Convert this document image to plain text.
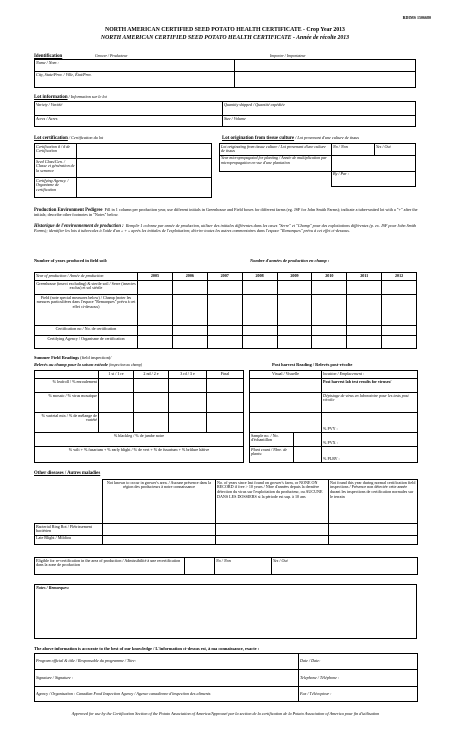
RDIMS 1506680
NORTH AMERICAN CERTIFIED SEED POTATO HEALTH CERTIFICATE - Crop Year 2013
NORTH AMERICAN CERTIFIED SEED POTATO HEALTH CERTIFICATE - Année de récolte 2013
Identification	Grower / Producteur	Importer / Importateur
Name / Nom :	
City, State/Prov. / Ville, État/Prov.	
Lot information / Information sur le lot
Variety / Variété	Quantity shipped / Quantité expédiée
Acres / Acres	Size / Volume
Lot certification / Certification du lot	Lot origination from tissue culture / Lot provenant d'une culture de tissus
Certification # / # de Certification	
Seed Class/Gen. / Classe et génération de la semence	
Certifying Agency. / Organisme de certification	
Lot originating from tissue culture / Lot provenant d'une culture de tissus	No / Non	Yes / Oui
Year micropropagated for planting / Année de multiplication par micropropagation en vue d'une plantation		
	By / Par :	
Production Environment Pedigree Fill in 1 column per production year, use different initials in Greenhouse and Field boxes for different farms (eg. JSF for John Smith Farms); indicate a tuber-united lot with a "+" after the initials; describe other footnotes in "Notes" below.
Historique de l'environnement de production : Remplir 1 colonne par année de production, utiliser des initiales différentes dans les cases "Serre" et "Champ" pour des exploitations différentes (p. ex. JSF pour John Smith Farms); identifier les lots à tubercules à l'aide d'un « + » après les initiales de l'exploitation; décrire toutes les autres commentaires dans l'espace "Remarques" prévu à cet effet ci-dessous.
Number of years produced in field soil:	Nombre d'années de production en champ :
Year of production / Année de production	2005	2006	2007	2008	2009	2010	2011	2012
Greenhouse (insect excluding) & sterile soil / Serre (insectes exclus) et sol stérile								
Field (note special measures below) / Champ (noter les mesures particulières dans l'espace "Remarques" prévu à cet effet ci-dessous)								
Certification no / No. de certification								
Certifying Agency / Organisme de certification								
Summer Field Readings (field inspection)/
Relevés au champ pour la saison estivale (inspection au champ)	Post harvest Reading / Relevés post-récolte
	1 st / 1 re	2 nd / 2 e	3 rd / 3 e	Final		Visual / Visuelle		location / Emplacement :
% leafroll / % enroulement								Post harvest lab test results for viruses/
% mosaic / % virus mosaïque								Dépistage de virus en laboratoire pour les tests post récolte
% varietal mix / % de mélange de variété								% PVY :
% blackleg / % de jambe noire						Sample no. / No. d'échantillon		% PVX :
% wilt + % fusarium + % early blight / % de vert + % de fusarium + % brûlure hâtive						Plant count / Nbre. de plants:		% PLRV :
Other diseases / Autres maladies
	Not known to occur in grower's area. / Aucune présence dans la région des producteurs à notre connaissance	No. of years since last found on grower's farm, or NONE ON RECORD if free > 10 years / Nbre d'années depuis la dernière détection du virus sur l'exploitation du producteur, ou AUCUNE DANS LES DOSSIERS si la période est sup. à 10 ans	Not found this year during normal certification field inspections / Présence non détectée cette année durant les inspections de certification normales sur le terrain
Bacterial Ring Rot / Flétrissement bactérien			
Late Blight / Mildiou			
Eligible for re-certification in the area of production / Admissibilité à une recertification dans la zone de production		No / Non	Yes / Oui
Notes / Remarques:
The above information is accurate to the best of our knowledge / L'information ci-dessus est, à ma connaissance, exacte :
Program official & title / Responsable du programme / Titre:	Date / Date:
Signature / Signature :	Telephone / Téléphone :
Agency / Organisation : Canadian Food Inspection Agency / Agence canadienne d'inspection des aliments	Fax / Télécopieur :
Approved for use by the Certification Section of the Potato Association of America/Approuvé par la section de la certification de la Potato Association of America pour fin d'utilisation
